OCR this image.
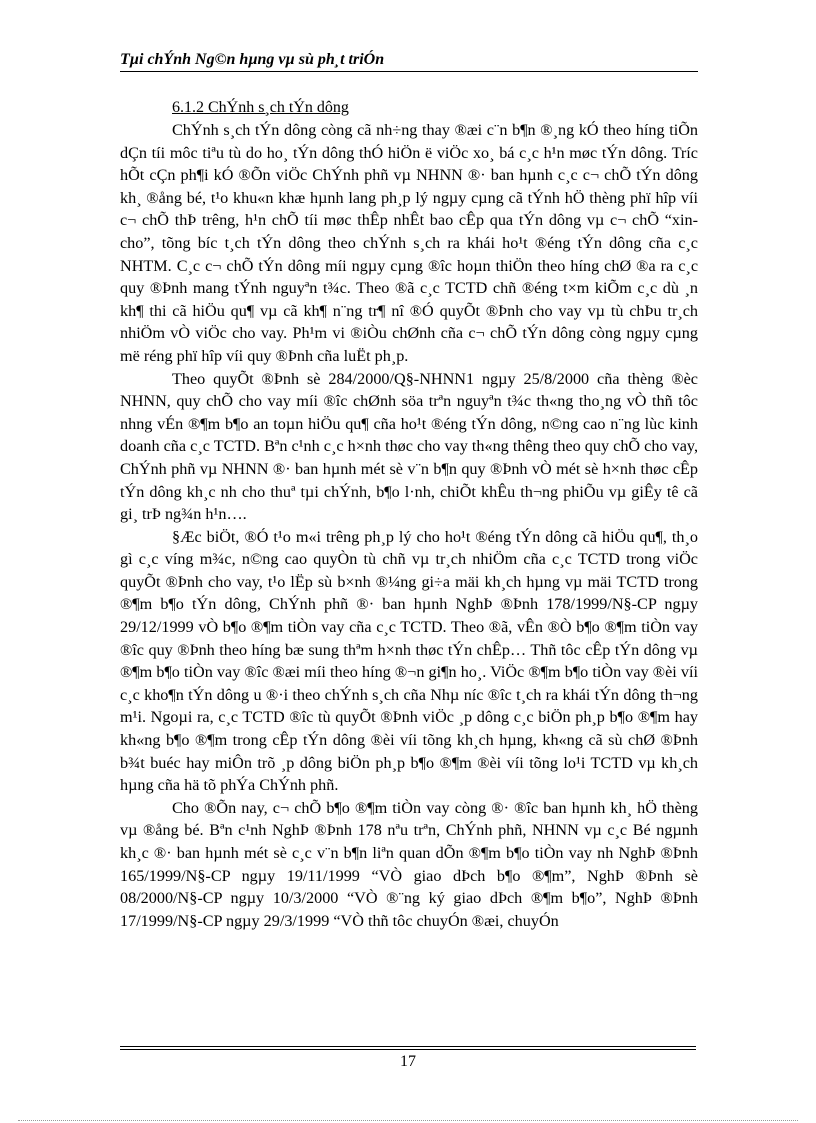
Tµi chÝnh Ng©n hµng vµ sù ph¸t triÓn
6.1.2 ChÝnh s¸ch tÝn dông

ChÝnh s¸ch tÝn dông còng cã nh÷ng thay ®æi c¨n b¶n ®¸ng kÓ theo híng tiÕn dÇn tíi môc tiªu tù do ho¸ tÝn dông thÓ hiÖn ë viÖc xo¸ bá c¸c h¹n møc tÝn dông. Tríc hÕt cÇn ph¶i kÓ ®Õn viÖc ChÝnh phñ vµ NHNN ®· ban hµnh c¸c c¬ chÕ tÝn dông kh¸ ®ång bé, t¹o khu«n khæ hµnh lang ph¸p lý ngµy cµng cã tÝnh hÖ thèng phï hîp víi c¬ chÕ thÞ trêng, h¹n chÕ tíi møc thÊp nhÊt bao cÊp qua tÝn dông vµ c¬ chÕ “xin-cho”, tõng bíc t¸ch tÝn dông theo chÝnh s¸ch ra khái ho¹t ®éng tÝn dông cña c¸c NHTM. C¸c c¬ chÕ tÝn dông míi ngµy cµng ®îc hoµn thiÖn theo híng chØ ®a ra c¸c quy ®Þnh mang tÝnh nguyªn t¾c. Theo ®ã c¸c TCTD chñ ®éng t×m kiÕm c¸c dù ¸n kh¶ thi cã hiÖu qu¶ vµ cã kh¶ n¨ng tr¶ nî ®Ó quyÕt ®Þnh cho vay vµ tù chÞu tr¸ch nhiÖm vÒ viÖc cho vay. Ph¹m vi ®iÒu chØnh cña c¬ chÕ tÝn dông còng ngµy cµng më réng phï hîp víi quy ®Þnh cña luËt ph¸p.

Theo quyÕt ®Þnh sè 284/2000/Q§-NHNN1 ngµy 25/8/2000 cña thèng ®èc NHNN, quy chÕ cho vay míi ®îc chØnh söa trªn nguyªn t¾c th«ng tho¸ng vÒ thñ tôc nhng vÉn ®¶m b¶o an toµn hiÖu qu¶ cña ho¹t ®éng tÝn dông, n©ng cao n¨ng lùc kinh doanh cña c¸c TCTD. Bªn c¹nh c¸c h×nh thøc cho vay th«ng thêng theo quy chÕ cho vay, ChÝnh phñ vµ NHNN ®· ban hµnh mét sè v¨n b¶n quy ®Þnh vÒ mét sè h×nh thøc cÊp tÝn dông kh¸c nh cho thuª tµi chÝnh, b¶o l·nh, chiÕt khÊu th¬ng phiÕu vµ giÊy tê cã gi¸ trÞ ng¾n h¹n….

§Æc biÖt, ®Ó t¹o m«i trêng ph¸p lý cho ho¹t ®éng tÝn dông cã hiÖu qu¶, th¸o gì c¸c víng m¾c, n©ng cao quyÒn tù chñ vµ tr¸ch nhiÖm cña c¸c TCTD trong viÖc quyÕt ®Þnh cho vay, t¹o lËp sù b×nh ®¼ng gi÷a mäi kh¸ch hµng vµ mäi TCTD trong ®¶m b¶o tÝn dông, ChÝnh phñ ®· ban hµnh NghÞ ®Þnh 178/1999/N§-CP ngµy 29/12/1999 vÒ b¶o ®¶m tiÒn vay cña c¸c TCTD. Theo ®ã, vÊn ®Ò b¶o ®¶m tiÒn vay ®îc quy ®Þnh theo híng bæ sung thªm h×nh thøc tÝn chÊp… Thñ tôc cÊp tÝn dông vµ ®¶m b¶o tiÒn vay ®îc ®æi míi theo híng ®¬n gi¶n ho¸. ViÖc ®¶m b¶o tiÒn vay ®èi víi c¸c kho¶n tÝn dông u ®·i theo chÝnh s¸ch cña Nhµ níc ®îc t¸ch ra khái tÝn dông th¬ng m¹i. Ngoµi ra, c¸c TCTD ®îc tù quyÕt ®Þnh viÖc ¸p dông c¸c biÖn ph¸p b¶o ®¶m hay kh«ng b¶o ®¶m trong cÊp tÝn dông ®èi víi tõng kh¸ch hµng, kh«ng cã sù chØ ®Þnh b¾t buéc hay miÔn trõ ¸p dông biÖn ph¸p b¶o ®¶m ®èi víi tõng lo¹i TCTD vµ kh¸ch hµng cña hä tõ phÝa ChÝnh phñ.

Cho ®Õn nay, c¬ chÕ b¶o ®¶m tiÒn vay còng ®· ®îc ban hµnh kh¸ hÖ thèng vµ ®ång bé. Bªn c¹nh NghÞ ®Þnh 178 nªu trªn, ChÝnh phñ, NHNN vµ c¸c Bé ngµnh kh¸c ®· ban hµnh mét sè c¸c v¨n b¶n liªn quan dÕn ®¶m b¶o tiÒn vay nh NghÞ ®Þnh 165/1999/N§-CP ngµy 19/11/1999 “VÒ giao dÞch b¶o ®¶m”, NghÞ ®Þnh sè 08/2000/N§-CP ngµy 10/3/2000 “VÒ ®¨ng ký giao dÞch ®¶m b¶o”, NghÞ ®Þnh 17/1999/N§-CP ngµy 29/3/1999 “VÒ thñ tôc chuyÓn ®æi, chuyÓn

17
